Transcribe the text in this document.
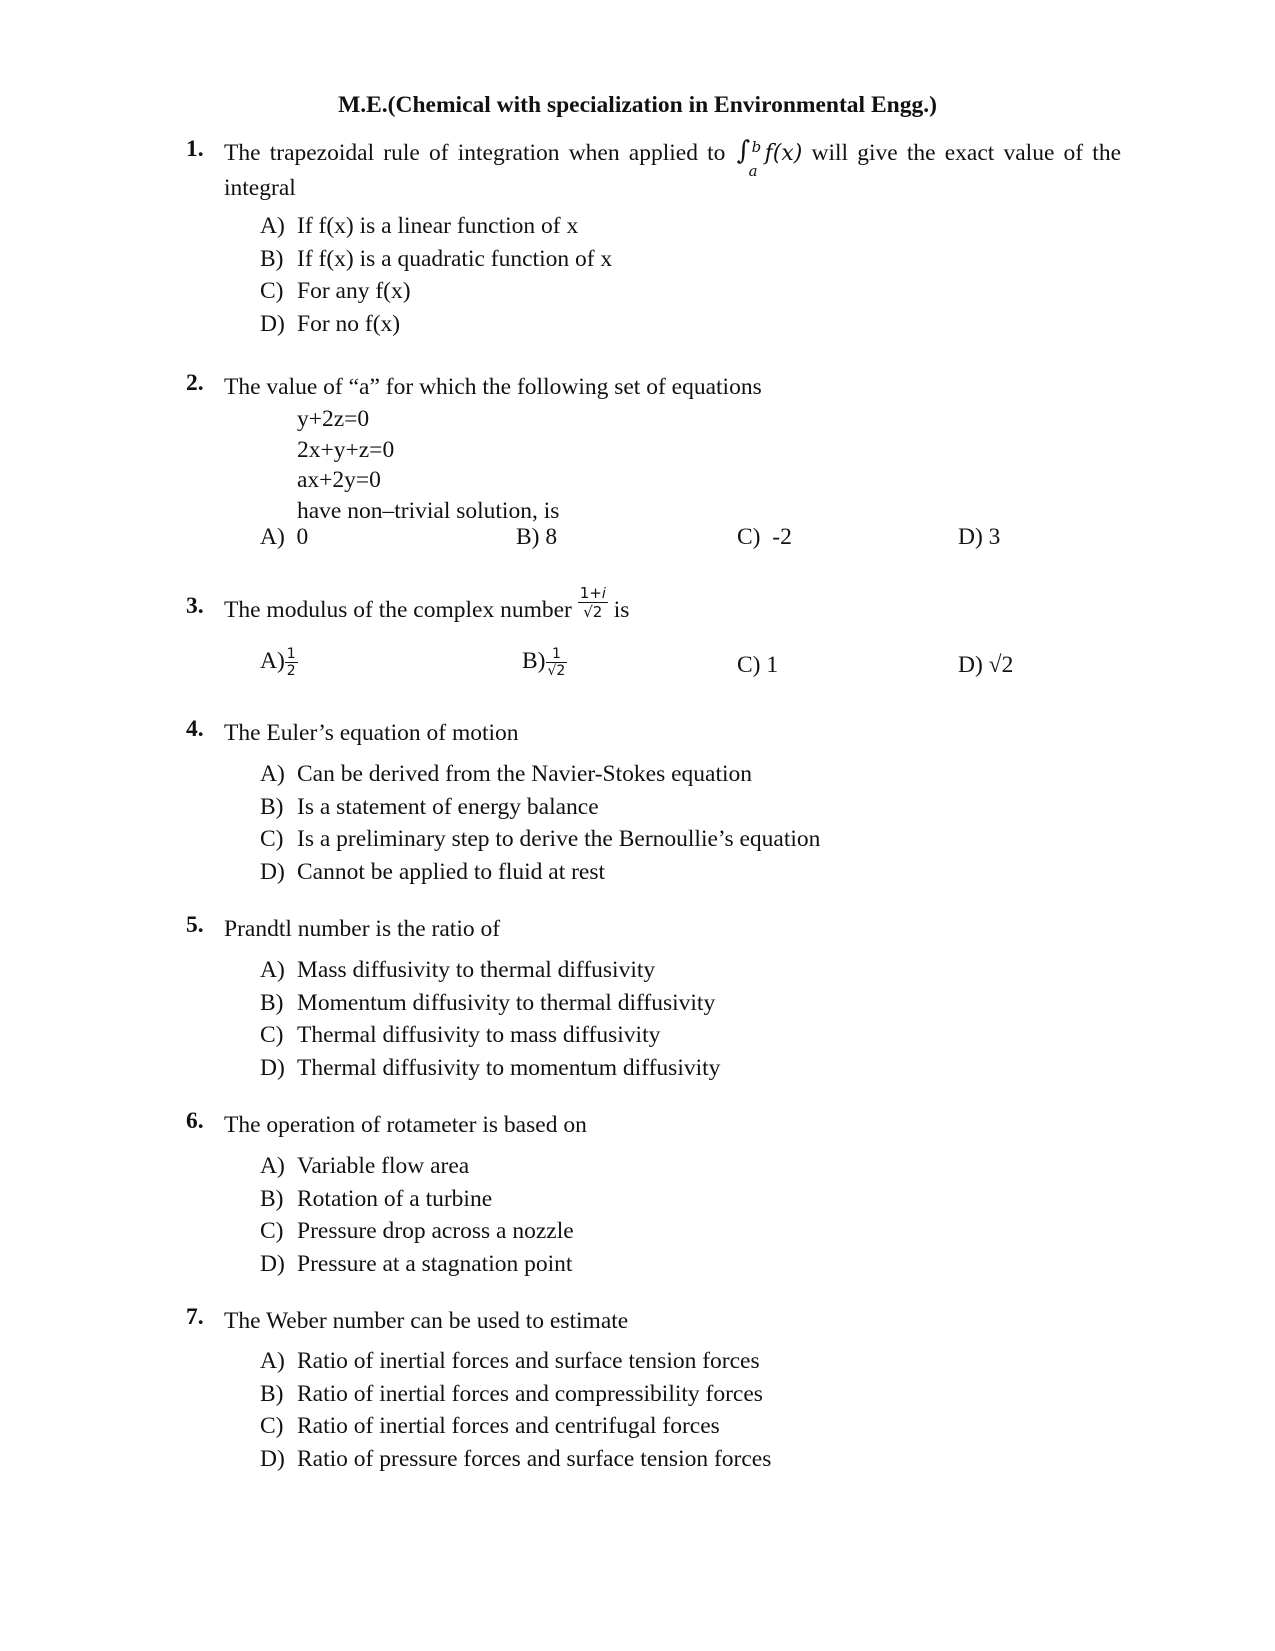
M.E.(Chemical with specialization in Environmental Engg.)
1. The trapezoidal rule of integration when applied to ∫ b
a
f(x) will give the exact value of the integral
A) If f(x) is a linear function of x
B) If f(x) is a quadratic function of x
C) For any f(x)
D) For no f(x)
2. The value of “a” for which the following set of equations
y+2z=0
2x+y+z=0
ax+2y=0
have non–trivial solution, is
A) 0	B) 8	C) -2	D) 3
3. The modulus of the complex number $\frac{\text{1+𝑖}}{√2}$ is
$A) \frac{1}{2}$	$B) \frac{1}{√2}$	C) 1	D) √2
4. The Euler’s equation of motion
A) Can be derived from the Navier-Stokes equation
B) Is a statement of energy balance
C) Is a preliminary step to derive the Bernoullie’s equation
D) Cannot be applied to fluid at rest
5. Prandtl number is the ratio of
A) Mass diffusivity to thermal diffusivity
B) Momentum diffusivity to thermal diffusivity
C) Thermal diffusivity to mass diffusivity
D) Thermal diffusivity to momentum diffusivity
6. The operation of rotameter is based on
A) Variable flow area
B) Rotation of a turbine
C) Pressure drop across a nozzle
D) Pressure at a stagnation point
7. The Weber number can be used to estimate
A) Ratio of inertial forces and surface tension forces
B) Ratio of inertial forces and compressibility forces
C) Ratio of inertial forces and centrifugal forces
D) Ratio of pressure forces and surface tension forces
